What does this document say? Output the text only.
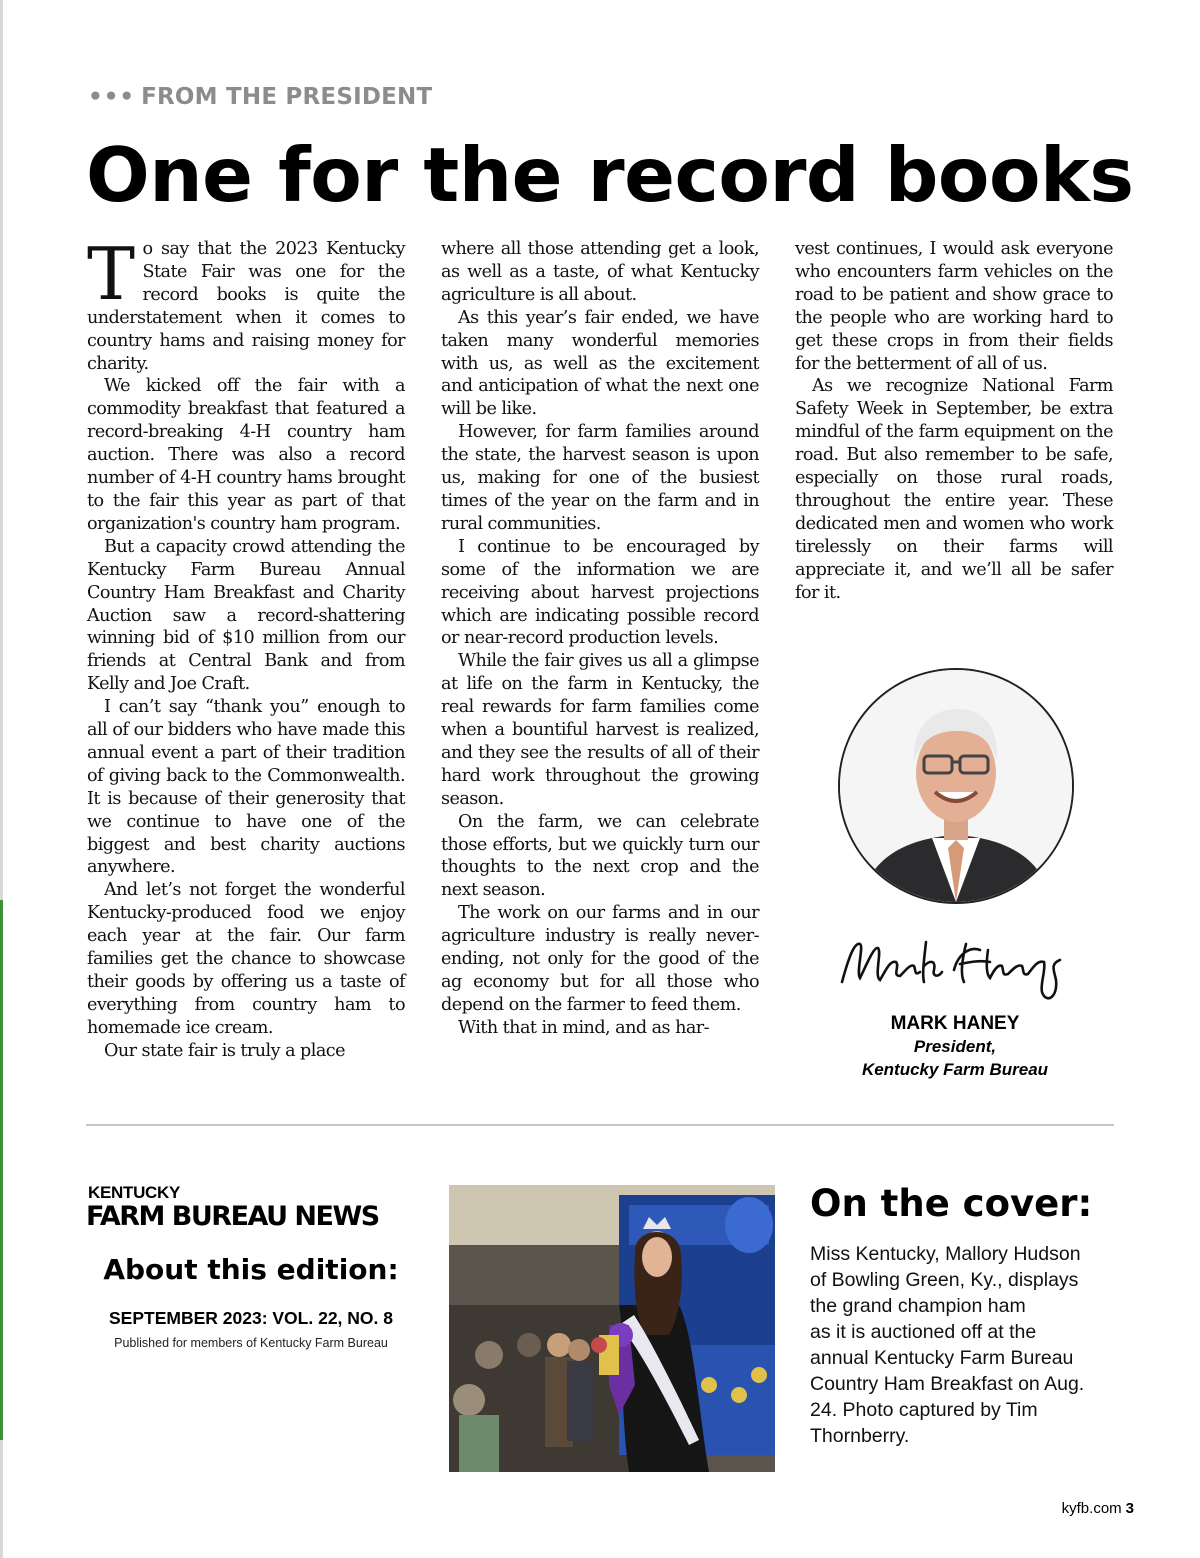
••• FROM THE PRESIDENT
One for the record books

To say that the 2023 Kentucky State Fair was one for the record books is quite the understatement when it comes to country hams and raising money for charity.

We kicked off the fair with a commodity breakfast that featured a record-breaking 4-H country ham auction. There was also a record number of 4-H country hams brought to the fair this year as part of that organization's country ham program.

But a capacity crowd attending the Kentucky Farm Bureau Annual Country Ham Breakfast and Charity Auction saw a record-shattering winning bid of $10 million from our friends at Central Bank and from Kelly and Joe Craft.

I can’t say “thank you” enough to all of our bidders who have made this annual event a part of their tradition of giving back to the Commonwealth. It is because of their generosity that we continue to have one of the biggest and best charity auctions anywhere.

And let’s not forget the wonderful Kentucky-produced food we enjoy each year at the fair. Our farm families get the chance to showcase their goods by offering us a taste of everything from country ham to homemade ice cream.

Our state fair is truly a place

where all those attending get a look, as well as a taste, of what Kentucky agriculture is all about.

As this year’s fair ended, we have taken many wonderful memories with us, as well as the excitement and anticipation of what the next one will be like.

However, for farm families around the state, the harvest season is upon us, making for one of the busiest times of the year on the farm and in rural communities.

I continue to be encouraged by some of the information we are receiving about harvest projections which are indicating possible record or near-record production levels.

While the fair gives us all a glimpse at life on the farm in Kentucky, the real rewards for farm families come when a bountiful harvest is realized, and they see the results of all of their hard work throughout the growing season.

On the farm, we can celebrate those efforts, but we quickly turn our thoughts to the next crop and the next season.

The work on our farms and in our agriculture industry is really never-ending, not only for the good of the ag economy but for all those who depend on the farmer to feed them.

With that in mind, and as har-

vest continues, I would ask everyone who encounters farm vehicles on the road to be patient and show grace to the people who are working hard to get these crops in from their fields for the betterment of all of us.

As we recognize National Farm Safety Week in September, be extra mindful of the farm equipment on the road. But also remember to be safe, especially on those rural roads, throughout the entire year. These dedicated men and women who work tirelessly on their farms will appreciate it, and we’ll all be safer for it.

MARK HANEY
President,
Kentucky Farm Bureau
KENTUCKY
FARM BUREAU NEWS
About this edition:
SEPTEMBER 2023: VOL. 22, NO. 8
Published for members of Kentucky Farm Bureau
On the cover:
Miss Kentucky, Mallory Hudson
of Bowling Green, Ky., displays
the grand champion ham
as it is auctioned off at the
annual Kentucky Farm Bureau
Country Ham Breakfast on Aug.
24. Photo captured by Tim
Thornberry.
kyfb.com 3
